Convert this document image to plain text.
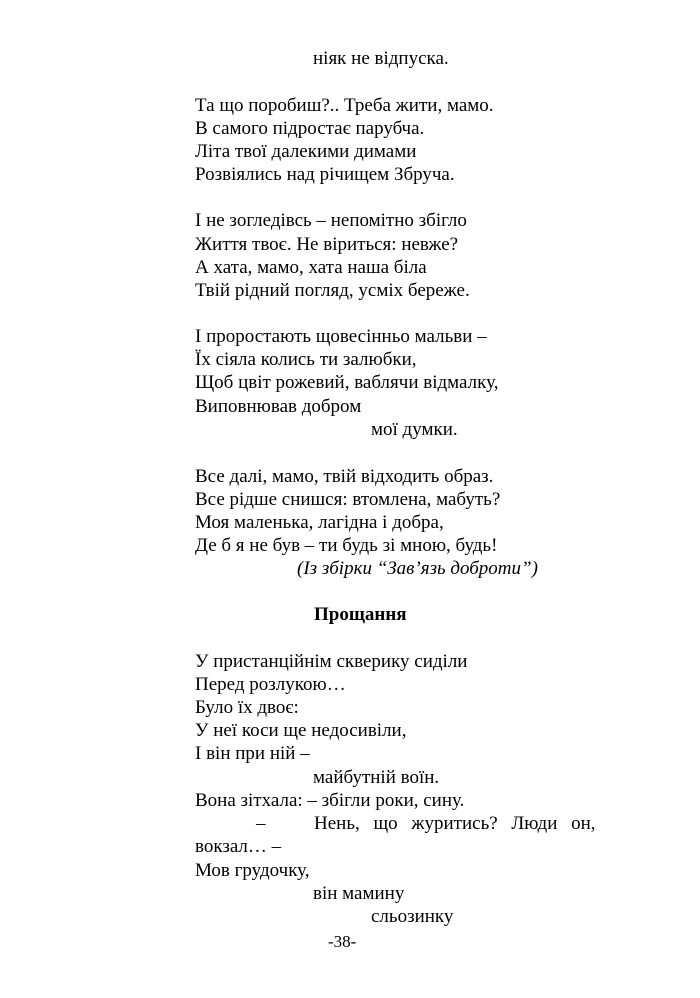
ніяк не відпуска.
Та що поробиш?.. Треба жити, мамо.
В самого підростає парубча.
Літа твої далекими димами
Розвіялись над річищем Збруча.
І не зогледівсь – непомітно збігло
Життя твоє. Не віриться: невже?
А хата, мамо, хата наша біла
Твій рідний погляд, усміх береже.
І проростають щовесінньо мальви –
Їх сіяла колись ти залюбки,
Щоб цвіт рожевий, ваблячи відмалку,
Виповнював добром
мої думки.
Все далі, мамо, твій відходить образ.
Все рідше снишся: втомлена, мабуть?
Моя маленька, лагідна і добра,
Де б я не був – ти будь зі мною, будь!
(Із збірки “Зав’язь доброти”)
Прощання
У пристанційнім скверику сиділи
Перед розлукою…
Було їх двоє:
У неї коси ще недосивіли,
І він при ній –
майбутній воїн.
Вона зітхала: – збігли роки, сину.
–	Нень, що журитись? Люди он,
вокзал… –
Мов грудочку,
він мамину
сльозинку
-38-
